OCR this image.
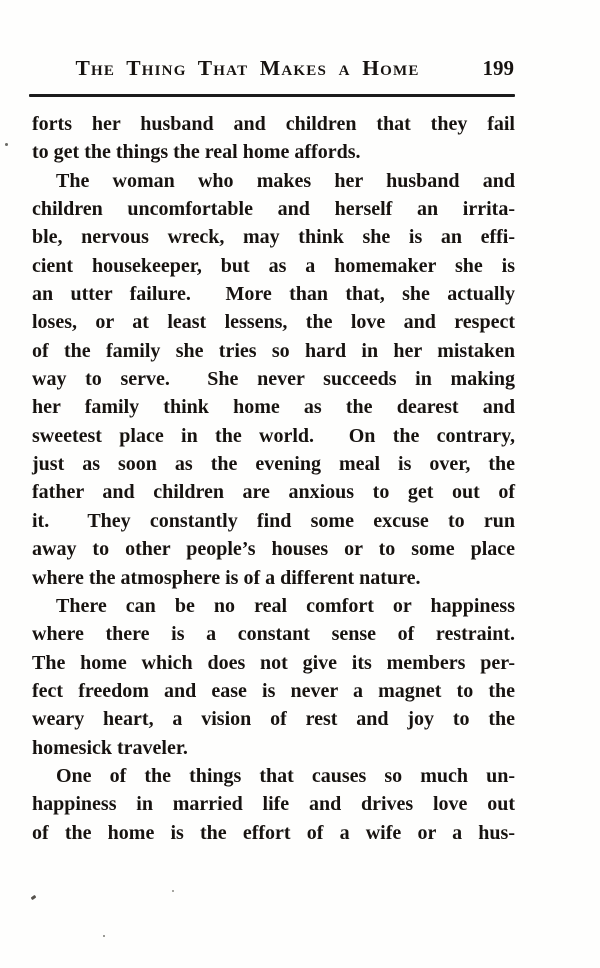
The Thing That Makes a Home	199
forts her husband and children that they fail
to get the things the real home affords.
The woman who makes her husband and
children uncomfortable and herself an irrita-
ble, nervous wreck, may think she is an effi-
cient housekeeper, but as a homemaker she is
an utter failure.  More than that, she actually
loses, or at least lessens, the love and respect
of the family she tries so hard in her mistaken
way to serve.  She never succeeds in making
her family think home as the dearest and
sweetest place in the world.  On the contrary,
just as soon as the evening meal is over, the
father and children are anxious to get out of
it.  They constantly find some excuse to run
away to other people’s houses or to some place
where the atmosphere is of a different nature.
There can be no real comfort or happiness
where there is a constant sense of restraint.
The home which does not give its members per-
fect freedom and ease is never a magnet to the
weary heart, a vision of rest and joy to the
homesick traveler.
One of the things that causes so much un-
happiness in married life and drives love out
of the home is the effort of a wife or a hus-
